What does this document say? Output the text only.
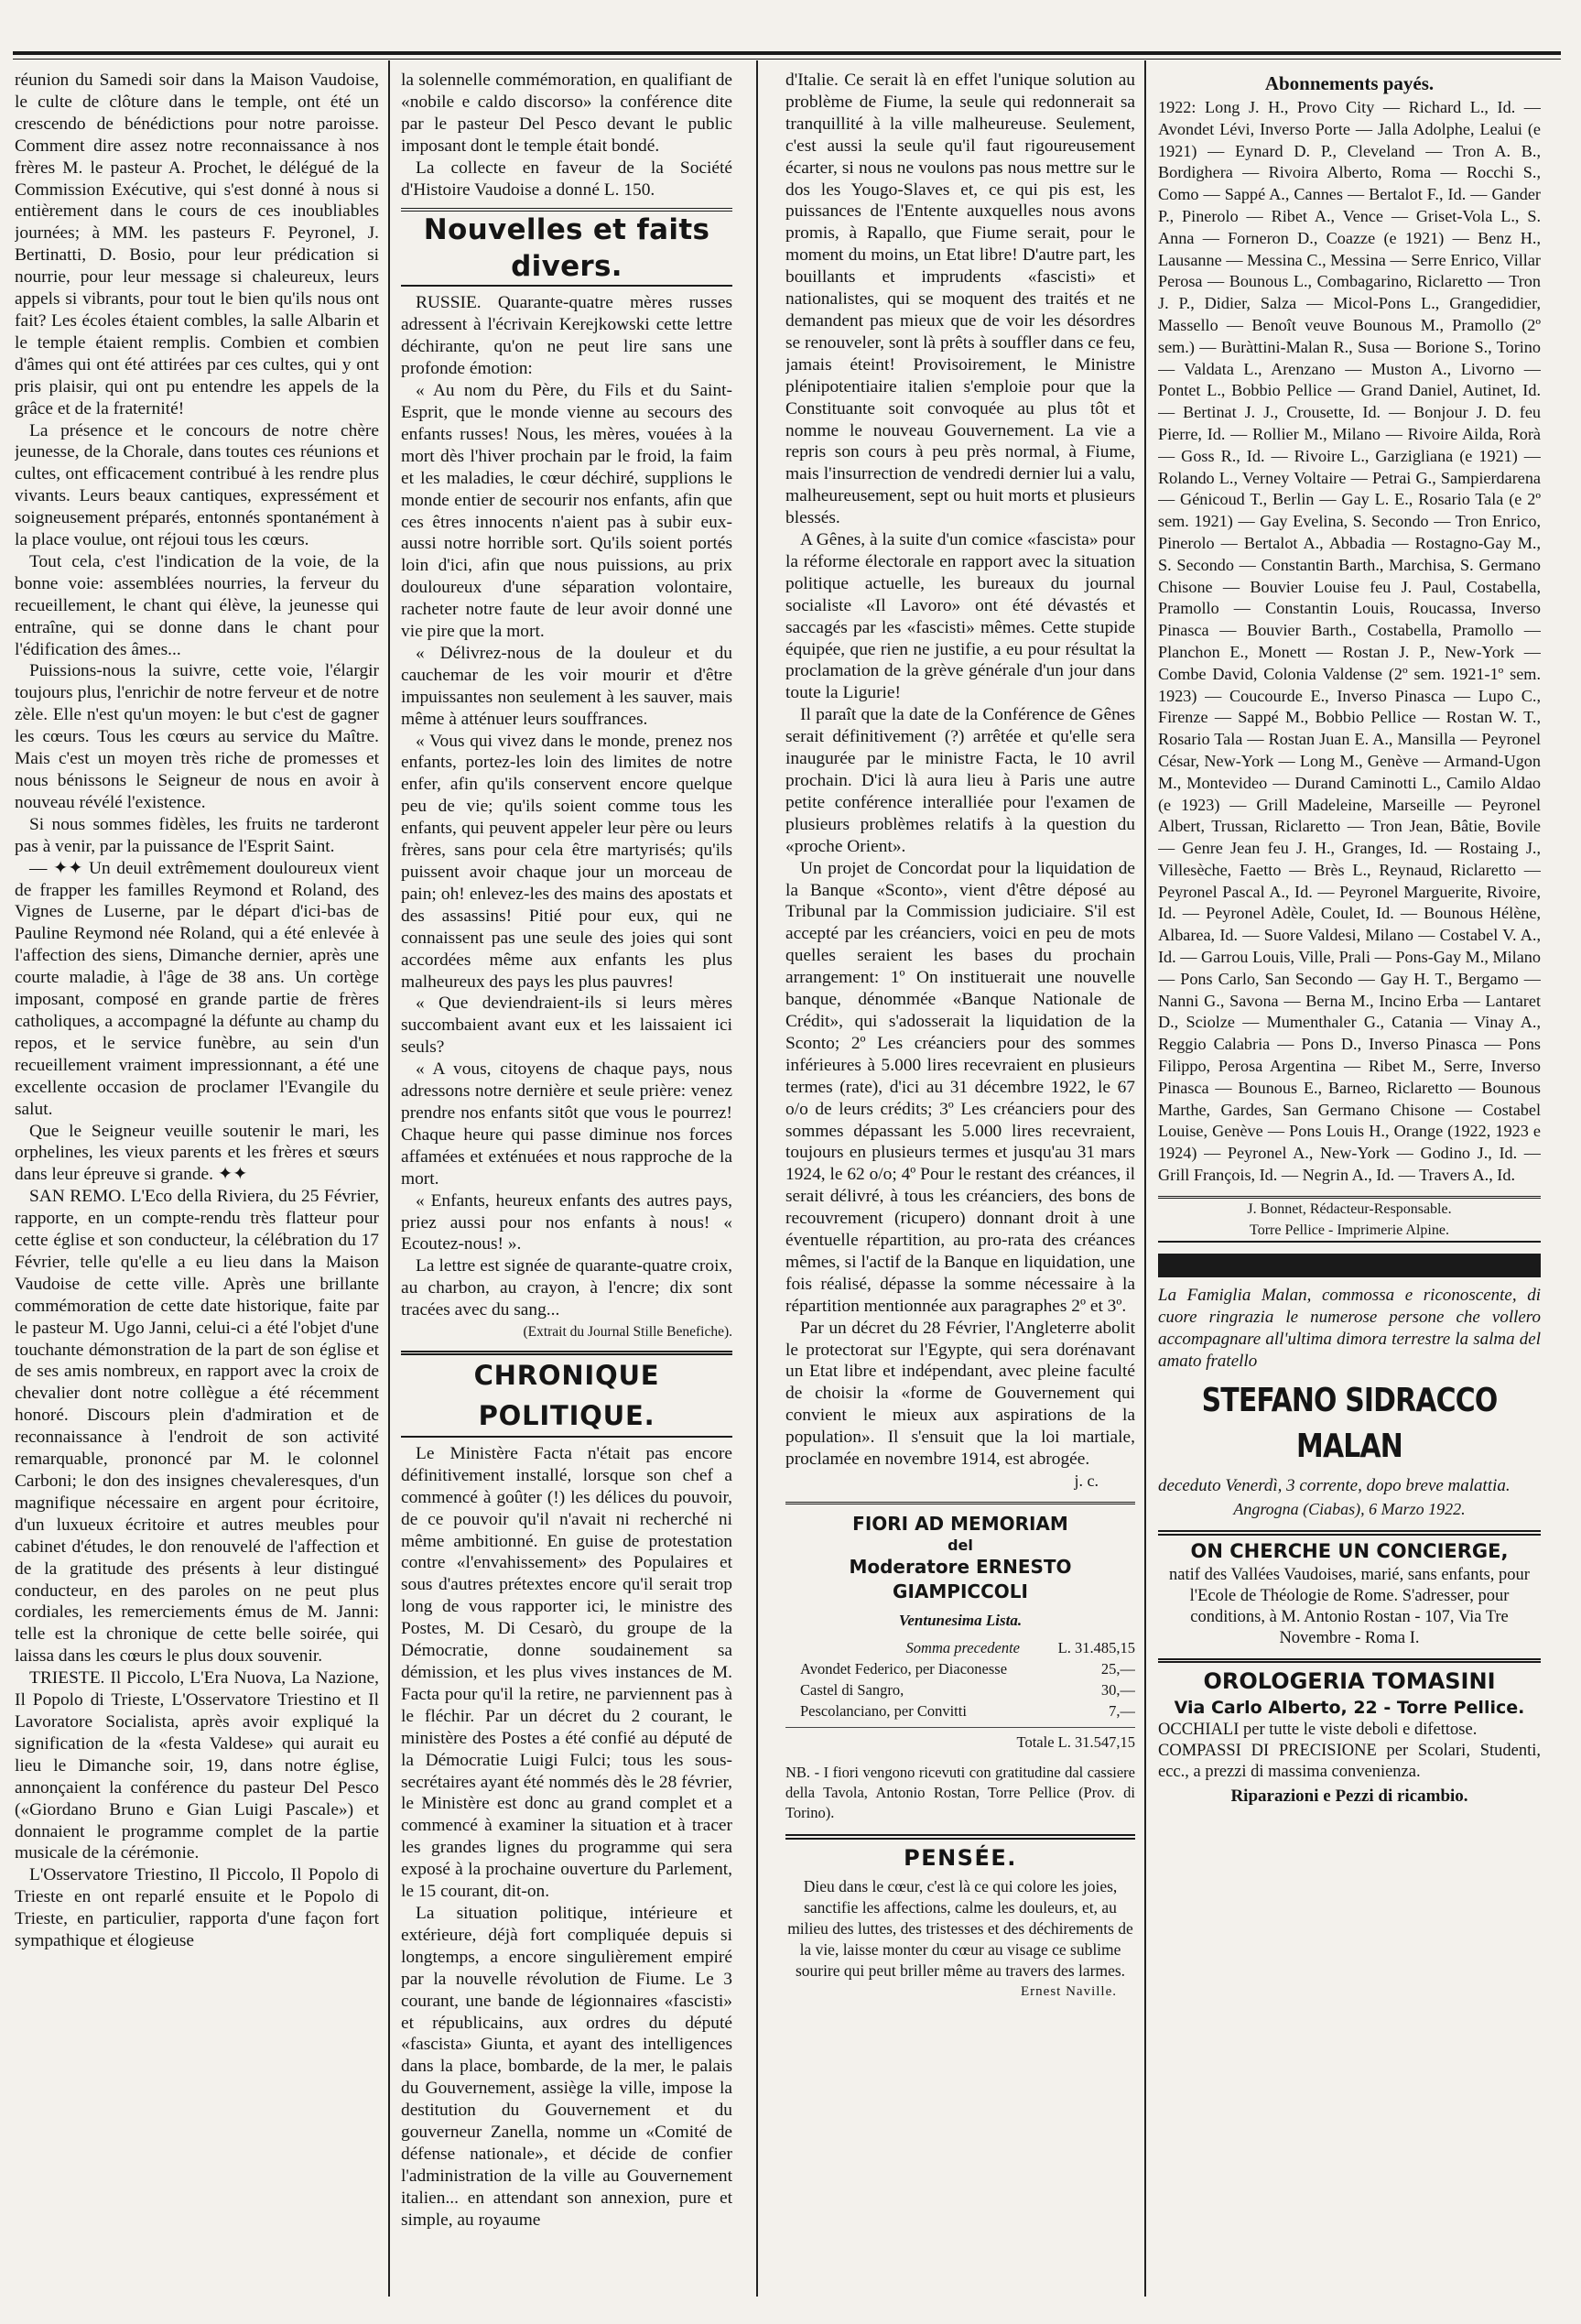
réunion du Samedi soir dans la Maison Vaudoise, le culte de clôture dans le temple, ont été un crescendo de bénédictions pour notre paroisse. Comment dire assez notre reconnaissance à nos frères M. le pasteur A. Prochet, le délégué de la Commission Exécutive, qui s'est donné à nous si entièrement dans le cours de ces inoubliables journées; à MM. les pasteurs F. Peyronel, J. Bertinatti, D. Bosio, pour leur prédication si nourrie, pour leur message si chaleureux, leurs appels si vibrants, pour tout le bien qu'ils nous ont fait? Les écoles étaient combles, la salle Albarin et le temple étaient remplis. Combien et combien d'âmes qui ont été attirées par ces cultes, qui y ont pris plaisir, qui ont pu entendre les appels de la grâce et de la fraternité!

La présence et le concours de notre chère jeunesse, de la Chorale, dans toutes ces réunions et cultes, ont efficacement contribué à les rendre plus vivants. Leurs beaux cantiques, expressément et soigneusement préparés, entonnés spontanément à la place voulue, ont réjoui tous les cœurs.

Tout cela, c'est l'indication de la voie, de la bonne voie: assemblées nourries, la ferveur du recueillement, le chant qui élève, la jeunesse qui entraîne, qui se donne dans le chant pour l'édification des âmes...

Puissions-nous la suivre, cette voie, l'élargir toujours plus, l'enrichir de notre ferveur et de notre zèle. Elle n'est qu'un moyen: le but c'est de gagner les cœurs. Tous les cœurs au service du Maître. Mais c'est un moyen très riche de promesses et nous bénissons le Seigneur de nous en avoir à nouveau révélé l'existence.

Si nous sommes fidèles, les fruits ne tarderont pas à venir, par la puissance de l'Esprit Saint.

— ✦✦ Un deuil extrêmement douloureux vient de frapper les familles Reymond et Roland, des Vignes de Luserne, par le départ d'ici-bas de Pauline Reymond née Roland, qui a été enlevée à l'affection des siens, Dimanche dernier, après une courte maladie, à l'âge de 38 ans. Un cortège imposant, composé en grande partie de frères catholiques, a accompagné la défunte au champ du repos, et le service funèbre, au sein d'un recueillement vraiment impressionnant, a été une excellente occasion de proclamer l'Evangile du salut.

Que le Seigneur veuille soutenir le mari, les orphelines, les vieux parents et les frères et sœurs dans leur épreuve si grande. ✦✦

SAN REMO. L'Eco della Riviera, du 25 Février, rapporte, en un compte-rendu très flatteur pour cette église et son conducteur, la célébration du 17 Février, telle qu'elle a eu lieu dans la Maison Vaudoise de cette ville. Après une brillante commémoration de cette date historique, faite par le pasteur M. Ugo Janni, celui-ci a été l'objet d'une touchante démonstration de la part de son église et de ses amis nombreux, en rapport avec la croix de chevalier dont notre collègue a été récemment honoré. Discours plein d'admiration et de reconnaissance à l'endroit de son activité remarquable, prononcé par M. le colonnel Carboni; le don des insignes chevaleresques, d'un magnifique nécessaire en argent pour écritoire, d'un luxueux écritoire et autres meubles pour cabinet d'études, le don renouvelé de l'affection et de la gratitude des présents à leur distingué conducteur, en des paroles on ne peut plus cordiales, les remerciements émus de M. Janni: telle est la chronique de cette belle soirée, qui laissa dans les cœurs le plus doux souvenir.

TRIESTE. Il Piccolo, L'Era Nuova, La Nazione, Il Popolo di Trieste, L'Osservatore Triestino et Il Lavoratore Socialista, après avoir expliqué la signification de la «festa Valdese» qui aurait eu lieu le Dimanche soir, 19, dans notre église, annonçaient la conférence du pasteur Del Pesco («Giordano Bruno e Gian Luigi Pascale») et donnaient le programme complet de la partie musicale de la cérémonie.

L'Osservatore Triestino, Il Piccolo, Il Popolo di Trieste en ont reparlé ensuite et le Popolo di Trieste, en particulier, rapporta d'une façon fort sympathique et élogieuse

la solennelle commémoration, en qualifiant de «nobile e caldo discorso» la conférence dite par le pasteur Del Pesco devant le public imposant dont le temple était bondé.

La collecte en faveur de la Société d'Histoire Vaudoise a donné L. 150.

Nouvelles et faits divers.

RUSSIE. Quarante-quatre mères russes adressent à l'écrivain Kerejkowski cette lettre déchirante, qu'on ne peut lire sans une profonde émotion:

« Au nom du Père, du Fils et du Saint-Esprit, que le monde vienne au secours des enfants russes! Nous, les mères, vouées à la mort dès l'hiver prochain par le froid, la faim et les maladies, le cœur déchiré, supplions le monde entier de secourir nos enfants, afin que ces êtres innocents n'aient pas à subir eux-aussi notre horrible sort. Qu'ils soient portés loin d'ici, afin que nous puissions, au prix douloureux d'une séparation volontaire, racheter notre faute de leur avoir donné une vie pire que la mort.

« Délivrez-nous de la douleur et du cauchemar de les voir mourir et d'être impuissantes non seulement à les sauver, mais même à atténuer leurs souffrances.

« Vous qui vivez dans le monde, prenez nos enfants, portez-les loin des limites de notre enfer, afin qu'ils conservent encore quelque peu de vie; qu'ils soient comme tous les enfants, qui peuvent appeler leur père ou leurs frères, sans pour cela être martyrisés; qu'ils puissent avoir chaque jour un morceau de pain; oh! enlevez-les des mains des apostats et des assassins! Pitié pour eux, qui ne connaissent pas une seule des joies qui sont accordées même aux enfants les plus malheureux des pays les plus pauvres!

« Que deviendraient-ils si leurs mères succombaient avant eux et les laissaient ici seuls?

« A vous, citoyens de chaque pays, nous adressons notre dernière et seule prière: venez prendre nos enfants sitôt que vous le pourrez! Chaque heure qui passe diminue nos forces affamées et exténuées et nous rapproche de la mort.

« Enfants, heureux enfants des autres pays, priez aussi pour nos enfants à nous! « Ecoutez-nous! ».

La lettre est signée de quarante-quatre croix, au charbon, au crayon, à l'encre; dix sont tracées avec du sang...

(Extrait du Journal Stille Benefiche).
CHRONIQUE POLITIQUE.

Le Ministère Facta n'était pas encore définitivement installé, lorsque son chef a commencé à goûter (!) les délices du pouvoir, de ce pouvoir qu'il n'avait ni recherché ni même ambitionné. En guise de protestation contre «l'envahissement» des Populaires et sous d'autres prétextes encore qu'il serait trop long de vous rapporter ici, le ministre des Postes, M. Di Cesarò, du groupe de la Démocratie, donne soudainement sa démission, et les plus vives instances de M. Facta pour qu'il la retire, ne parviennent pas à le fléchir. Par un décret du 2 courant, le ministère des Postes a été confié au député de la Démocratie Luigi Fulci; tous les sous-secrétaires ayant été nommés dès le 28 février, le Ministère est donc au grand complet et a commencé à examiner la situation et à tracer les grandes lignes du programme qui sera exposé à la prochaine ouverture du Parlement, le 15 courant, dit-on.

La situation politique, intérieure et extérieure, déjà fort compliquée depuis si longtemps, a encore singulièrement empiré par la nouvelle révolution de Fiume. Le 3 courant, une bande de légionnaires «fascisti» et républicains, aux ordres du député «fascista» Giunta, et ayant des intelligences dans la place, bombarde, de la mer, le palais du Gouvernement, assiège la ville, impose la destitution du Gouvernement et du gouverneur Zanella, nomme un «Comité de défense nationale», et décide de confier l'administration de la ville au Gouvernement italien... en attendant son annexion, pure et simple, au royaume

d'Italie. Ce serait là en effet l'unique solution au problème de Fiume, la seule qui redonnerait sa tranquillité à la ville malheureuse. Seulement, c'est aussi la seule qu'il faut rigoureusement écarter, si nous ne voulons pas nous mettre sur le dos les Yougo-Slaves et, ce qui pis est, les puissances de l'Entente auxquelles nous avons promis, à Rapallo, que Fiume serait, pour le moment du moins, un Etat libre! D'autre part, les bouillants et imprudents «fascisti» et nationalistes, qui se moquent des traités et ne demandent pas mieux que de voir les désordres se renouveler, sont là prêts à souffler dans ce feu, jamais éteint! Provisoirement, le Ministre plénipotentiaire italien s'emploie pour que la Constituante soit convoquée au plus tôt et nomme le nouveau Gouvernement. La vie a repris son cours à peu près normal, à Fiume, mais l'insurrection de vendredi dernier lui a valu, malheureusement, sept ou huit morts et plusieurs blessés.

A Gênes, à la suite d'un comice «fascista» pour la réforme électorale en rapport avec la situation politique actuelle, les bureaux du journal socialiste «Il Lavoro» ont été dévastés et saccagés par les «fascisti» mêmes. Cette stupide équipée, que rien ne justifie, a eu pour résultat la proclamation de la grève générale d'un jour dans toute la Ligurie!

Il paraît que la date de la Conférence de Gênes serait définitivement (?) arrêtée et qu'elle sera inaugurée par le ministre Facta, le 10 avril prochain. D'ici là aura lieu à Paris une autre petite conférence interalliée pour l'examen de plusieurs problèmes relatifs à la question du «proche Orient».

Un projet de Concordat pour la liquidation de la Banque «Sconto», vient d'être déposé au Tribunal par la Commission judiciaire. S'il est accepté par les créanciers, voici en peu de mots quelles seraient les bases du prochain arrangement: 1º On instituerait une nouvelle banque, dénommée «Banque Nationale de Crédit», qui s'adosserait la liquidation de la Sconto; 2º Les créanciers pour des sommes inférieures à 5.000 lires recevraient en plusieurs termes (rate), d'ici au 31 décembre 1922, le 67 o/o de leurs crédits; 3º Les créanciers pour des sommes dépassant les 5.000 lires recevraient, toujours en plusieurs termes et jusqu'au 31 mars 1924, le 62 o/o; 4º Pour le restant des créances, il serait délivré, à tous les créanciers, des bons de recouvrement (ricupero) donnant droit à une éventuelle répartition, au pro-rata des créances mêmes, si l'actif de la Banque en liquidation, une fois réalisé, dépasse la somme nécessaire à la répartition mentionnée aux paragraphes 2º et 3º.

Par un décret du 28 Février, l'Angleterre abolit le protectorat sur l'Egypte, qui sera dorénavant un Etat libre et indépendant, avec pleine faculté de choisir la «forme de Gouvernement qui convient le mieux aux aspirations de la population». Il s'ensuit que la loi martiale, proclamée en novembre 1914, est abrogée.

j. c.
FIORI AD MEMORIAM
del
Moderatore ERNESTO GIAMPICCOLI
Ventunesima Lista.
Somma precedente	L. 31.485,15
Avondet Federico, per Diaconesse	25,—
Castel di Sangro,	30,—
Pescolanciano, per Convitti	7,—
Totale L. 31.547,15
NB. - I fiori vengono ricevuti con gratitudine dal cassiere della Tavola, Antonio Rostan, Torre Pellice (Prov. di Torino).
PENSÉE.
Dieu dans le cœur, c'est là ce qui colore les joies, sanctifie les affections, calme les douleurs, et, au milieu des luttes, des tristesses et des déchirements de la vie, laisse monter du cœur au visage ce sublime sourire qui peut briller même au travers des larmes.
Ernest Naville.
Abonnements payés.
1922: Long J. H., Provo City — Richard L., Id. — Avondet Lévi, Inverso Porte — Jalla Adolphe, Lealui (e 1921) — Eynard D. P., Cleveland — Tron A. B., Bordighera — Rivoira Alberto, Roma — Rocchi S., Como — Sappé A., Cannes — Bertalot F., Id. — Gander P., Pinerolo — Ribet A., Vence — Griset-Vola L., S. Anna — Forneron D., Coazze (e 1921) — Benz H., Lausanne — Messina C., Messina — Serre Enrico, Villar Perosa — Bounous L., Combagarino, Riclaretto — Tron J. P., Didier, Salza — Micol-Pons L., Grangedidier, Massello — Benoît veuve Bounous M., Pramollo (2º sem.) — Buràttini-Malan R., Susa — Borione S., Torino — Valdata L., Arenzano — Muston A., Livorno — Pontet L., Bobbio Pellice — Grand Daniel, Autinet, Id. — Bertinat J. J., Crousette, Id. — Bonjour J. D. feu Pierre, Id. — Rollier M., Milano — Rivoire Ailda, Rorà — Goss R., Id. — Rivoire L., Garzigliana (e 1921) — Rolando L., Verney Voltaire — Petrai G., Sampierdarena — Génicoud T., Berlin — Gay L. E., Rosario Tala (e 2º sem. 1921) — Gay Evelina, S. Secondo — Tron Enrico, Pinerolo — Bertalot A., Abbadia — Rostagno-Gay M., S. Secondo — Constantin Barth., Marchisa, S. Germano Chisone — Bouvier Louise feu J. Paul, Costabella, Pramollo — Constantin Louis, Roucassa, Inverso Pinasca — Bouvier Barth., Costabella, Pramollo — Planchon E., Monett — Rostan J. P., New-York — Combe David, Colonia Valdense (2º sem. 1921-1º sem. 1923) — Coucourde E., Inverso Pinasca — Lupo C., Firenze — Sappé M., Bobbio Pellice — Rostan W. T., Rosario Tala — Rostan Juan E. A., Mansilla — Peyronel César, New-York — Long M., Genève — Armand-Ugon M., Montevideo — Durand Caminotti L., Camilo Aldao (e 1923) — Grill Madeleine, Marseille — Peyronel Albert, Trussan, Riclaretto — Tron Jean, Bâtie, Bovile — Genre Jean feu J. H., Granges, Id. — Rostaing J., Villesèche, Faetto — Brès L., Reynaud, Riclaretto — Peyronel Pascal A., Id. — Peyronel Marguerite, Rivoire, Id. — Peyronel Adèle, Coulet, Id. — Bounous Hélène, Albarea, Id. — Suore Valdesi, Milano — Costabel V. A., Id. — Garrou Louis, Ville, Prali — Pons-Gay M., Milano — Pons Carlo, San Secondo — Gay H. T., Bergamo — Nanni G., Savona — Berna M., Incino Erba — Lantaret D., Sciolze — Mumenthaler G., Catania — Vinay A., Reggio Calabria — Pons D., Inverso Pinasca — Pons Filippo, Perosa Argentina — Ribet M., Serre, Inverso Pinasca — Bounous E., Barneo, Riclaretto — Bounous Marthe, Gardes, San Germano Chisone — Costabel Louise, Genève — Pons Louis H., Orange (1922, 1923 e 1924) — Peyronel A., New-York — Godino J., Id. — Grill François, Id. — Negrin A., Id. — Travers A., Id.
J. Bonnet, Rédacteur-Responsable.
Torre Pellice - Imprimerie Alpine.
La Famiglia Malan, commossa e riconoscente, di cuore ringrazia le numerose persone che vollero accompagnare all'ultima dimora terrestre la salma del amato fratello
STEFANO SIDRACCO MALAN
deceduto Venerdì, 3 corrente, dopo breve malattia.
Angrogna (Ciabas), 6 Marzo 1922.
ON CHERCHE UN CONCIERGE,
natif des Vallées Vaudoises, marié, sans enfants, pour l'Ecole de Théologie de Rome. S'adresser, pour conditions, à M. Antonio Rostan - 107, Via Tre Novembre - Roma I.
OROLOGERIA TOMASINI
Via Carlo Alberto, 22 - Torre Pellice.
OCCHIALI per tutte le viste deboli e difettose.
COMPASSI DI PRECISIONE per Scolari, Studenti, ecc., a prezzi di massima convenienza.
Riparazioni e Pezzi di ricambio.
